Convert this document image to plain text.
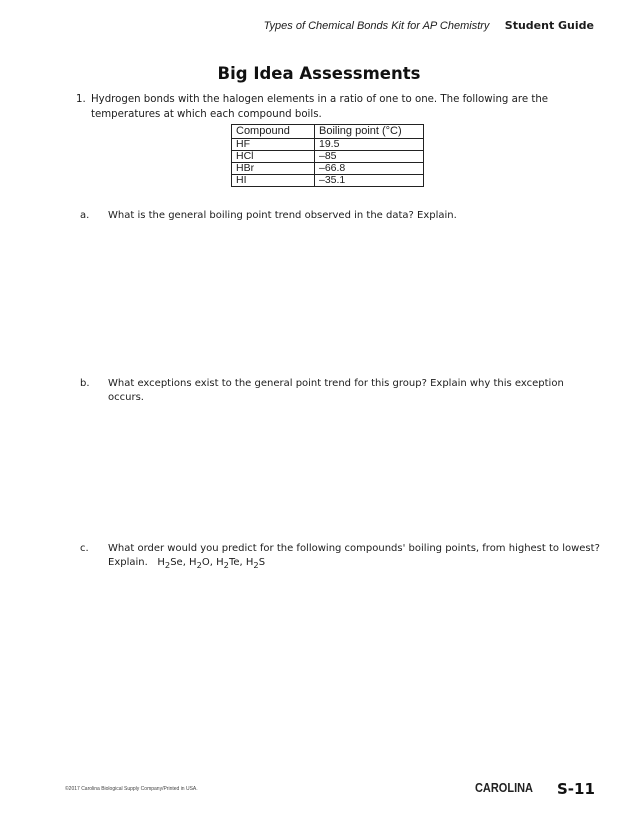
Types of Chemical Bonds Kit for AP Chemistry Student Guide
Big Idea Assessments
1. Hydrogen bonds with the halogen elements in a ratio of one to one. The following are the temperatures at which each compound boils.
Compound	Boiling point (°C)
HF	19.5
HCl	–85
HBr	–66.8
HI	–35.1
a. What is the general boiling point trend observed in the data? Explain.
b. What exceptions exist to the general point trend for this group? Explain why this exception occurs.
c. What order would you predict for the following compounds' boiling points, from highest to lowest?
Explain. $H_2Se$, $H_2O$, $H_2Te$, $H_2S$
©2017 Carolina Biological Supply Company/Printed in USA.	CAROLINA S-11
